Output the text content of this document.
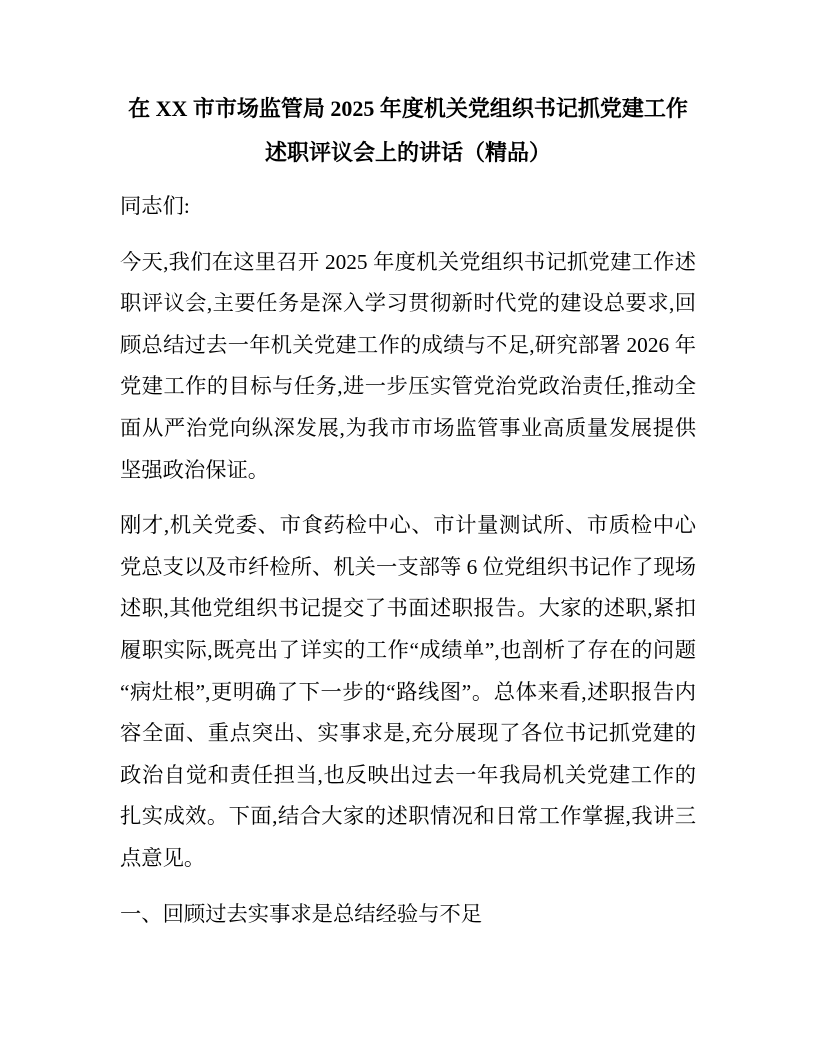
在 XX 市市场监管局 2025 年度机关党组织书记抓党建工作述职评议会上的讲话（精品）

同志们:

今天,我们在这里召开 2025 年度机关党组织书记抓党建工作述职评议会,主要任务是深入学习贯彻新时代党的建设总要求,回顾总结过去一年机关党建工作的成绩与不足,研究部署 2026 年党建工作的目标与任务,进一步压实管党治党政治责任,推动全面从严治党向纵深发展,为我市市场监管事业高质量发展提供坚强政治保证。

刚才,机关党委、市食药检中心、市计量测试所、市质检中心党总支以及市纤检所、机关一支部等 6 位党组织书记作了现场述职,其他党组织书记提交了书面述职报告。大家的述职,紧扣履职实际,既亮出了详实的工作“成绩单”,也剖析了存在的问题“病灶根”,更明确了下一步的“路线图”。总体来看,述职报告内容全面、重点突出、实事求是,充分展现了各位书记抓党建的政治自觉和责任担当,也反映出过去一年我局机关党建工作的扎实成效。下面,结合大家的述职情况和日常工作掌握,我讲三点意见。

一、回顾过去实事求是总结经验与不足
